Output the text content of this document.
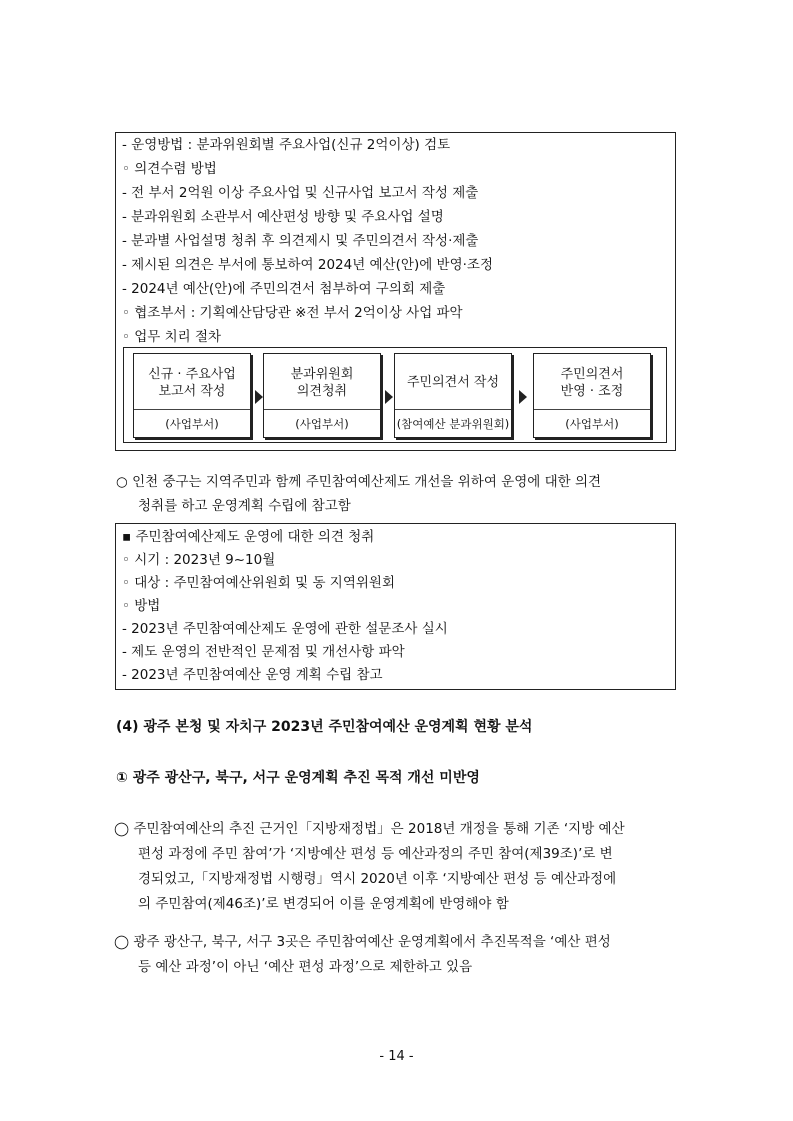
- 운영방법 : 분과위원회별 주요사업(신규 2억이상) 검토
◦ 의견수렴 방법
- 전 부서 2억원 이상 주요사업 및 신규사업 보고서 작성 제출
- 분과위원회 소관부서 예산편성 방향 및 주요사업 설명
- 분과별 사업설명 청취 후 의견제시 및 주민의견서 작성·제출
- 제시된 의견은 부서에 통보하여 2024년 예산(안)에 반영·조정
- 2024년 예산(안)에 주민의견서 첨부하여 구의회 제출
◦ 협조부서 : 기획예산담당관 ※전 부서 2억이상 사업 파악
◦ 업무 치리 절차
신규 · 주요사업
보고서 작성
(사업부서)
분과위원회
의견청취
(사업부서)
주민의견서 작성
(참여예산 분과위원회)
주민의견서
반영 · 조정
(사업부서)
○ 인천 중구는 지역주민과 함께 주민참여예산제도 개선을 위하여 운영에 대한 의견
청취를 하고 운영계획 수립에 참고함
▪ 주민참여예산제도 운영에 대한 의견 청취
◦ 시기 : 2023년 9~10월
◦ 대상 : 주민참여예산위원회 및 동 지역위원회
◦ 방법
- 2023년 주민참여예산제도 운영에 관한 설문조사 실시
- 제도 운영의 전반적인 문제점 및 개선사항 파악
- 2023년 주민참여예산 운영 계획 수립 참고
(4) 광주 본청 및 자치구 2023년 주민참여예산 운영계획 현황 분석
① 광주 광산구, 북구, 서구 운영계획 추진 목적 개선 미반영
◯ 주민참여예산의 추진 근거인「지방재정법」은 2018년 개정을 통해 기존 ‘지방 예산
편성 과정에 주민 참여’가 ‘지방예산 편성 등 예산과정의 주민 참여(제39조)’로 변
경되었고,「지방재정법 시행령」역시 2020년 이후 ‘지방예산 편성 등 예산과정에
의 주민참여(제46조)’로 변경되어 이를 운영계획에 반영해야 함
◯ 광주 광산구, 북구, 서구 3곳은 주민참여예산 운영계획에서 추진목적을 ‘예산 편성
등 예산 과정’이 아닌 ‘예산 편성 과정’으로 제한하고 있음
- 14 -
